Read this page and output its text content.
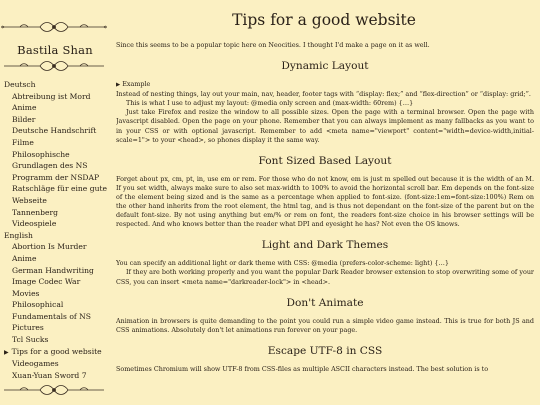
Bastila Shan
Deutsch
Abtreibung ist Mord
Anime
Bilder
Deutsche Handschrift
Filme
Philosophische Grundlagen des NS
Programm der NSDAP
Ratschläge für eine gute Webseite
Tannenberg
Videospiele
English
Abortion Is Murder
Anime
German Handwriting
Image Codec War
Movies
Philosophical Fundamentals of NS
Pictures
Tcl Sucks
▶ Tips for a good website
Videogames
Xuan-Yuan Sword 7
Tips for a good website

Since this seems to be a popular topic here on Neocities. I thought I'd make a page on it as well.

Dynamic Layout
▶ Example

Instead of nesting things, lay out your main, nav, header, footer tags with “display: flex;” and “flex-direction” or “display: grid;”.

This is what I use to adjust my layout: @media only screen and (max-width: 60rem) {…}

Just take Firefox and resize the window to all possible sizes. Open the page with a terminal browser. Open the page with Javascript disabled. Open the page on your phone. Remember that you can always implement as many fallbacks as you want to in your CSS or with optional javascript. Remember to add <meta name="viewport" content="width=device-width,initial-scale=1"> to your <head>, so phones display it the same way.

Font Sized Based Layout

Forget about px, cm, pt, in, use em or rem. For those who do not know, em is just m spelled out because it is the width of an M. If you set width, always make sure to also set max-width to 100% to avoid the horizontal scroll bar. Em depends on the font-size of the element being sized and is the same as a percentage when applied to font-size. (font-size:1em=font-size:100%) Rem on the other hand inherits from the root element, the html tag, and is thus not dependant on the font-size of the parent but on the default font-size. By not using anything but em/% or rem on font, the readers font-size choice in his browser settings will be respected. And who knows better than the reader what DPI and eyesight he has? Not even the OS knows.

Light and Dark Themes

You can specify an additional light or dark theme with CSS: @media (prefers-color-scheme: light) {…}

If they are both working properly and you want the popular Dark Reader browser extension to stop overwriting some of your CSS, you can insert <meta name="darkreader-lock"> in <head>.

Don't Animate

Animation in browsers is quite demanding to the point you could run a simple video game instead. This is true for both JS and CSS animations. Absolutely don't let animations run forever on your page.

Escape UTF-8 in CSS

Sometimes Chromium will show UTF-8 from CSS-files as multiple ASCII characters instead. The best solution is to
